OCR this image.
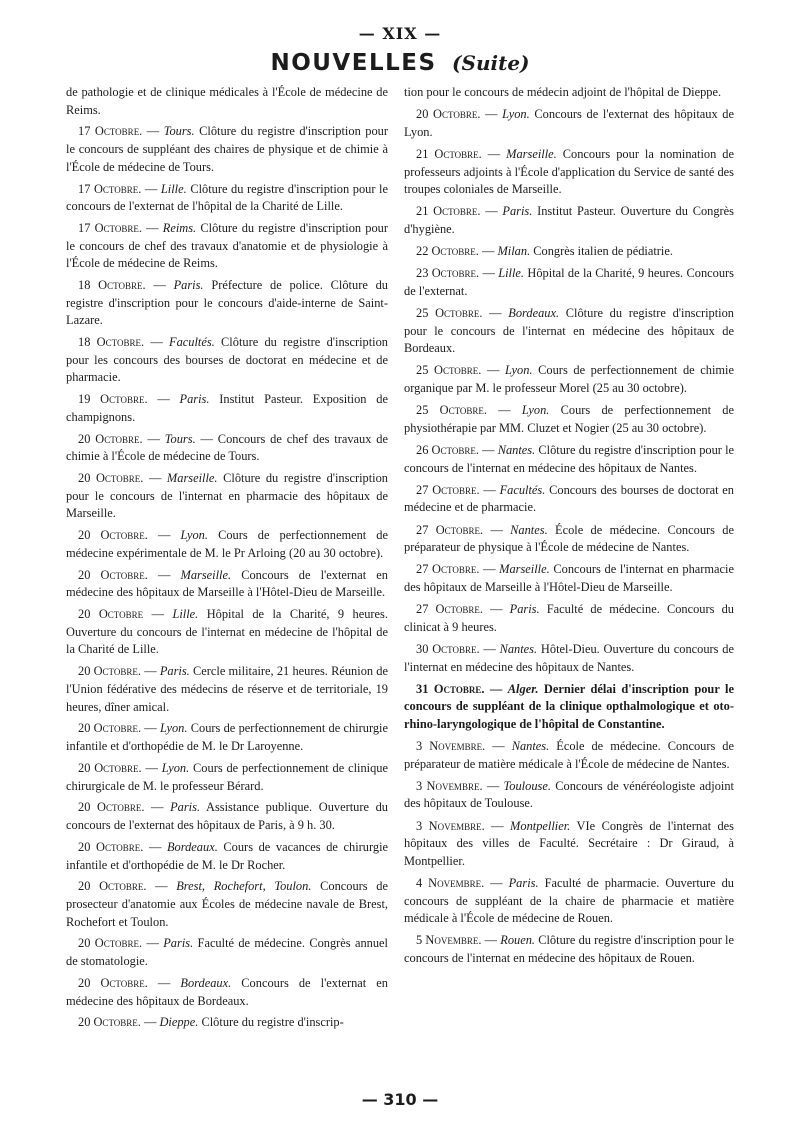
— XIX —
NOUVELLES (Suite)

de pathologie et de clinique médicales à l'École de médecine de Reims.

17 Octobre. — Tours. Clôture du registre d'inscription pour le concours de suppléant des chaires de physique et de chimie à l'École de médecine de Tours.

17 Octobre. — Lille. Clôture du registre d'inscription pour le concours de l'externat de l'hôpital de la Charité de Lille.

17 Octobre. — Reims. Clôture du registre d'inscription pour le concours de chef des travaux d'anatomie et de physiologie à l'École de médecine de Reims.

18 Octobre. — Paris. Préfecture de police. Clôture du registre d'inscription pour le concours d'aide-interne de Saint-Lazare.

18 Octobre. — Facultés. Clôture du registre d'inscription pour les concours des bourses de doctorat en médecine et de pharmacie.

19 Octobre. — Paris. Institut Pasteur. Exposition de champignons.

20 Octobre. — Tours. — Concours de chef des travaux de chimie à l'École de médecine de Tours.

20 Octobre. — Marseille. Clôture du registre d'inscription pour le concours de l'internat en pharmacie des hôpitaux de Marseille.

20 Octobre. — Lyon. Cours de perfectionnement de médecine expérimentale de M. le Pr Arloing (20 au 30 octobre).

20 Octobre. — Marseille. Concours de l'externat en médecine des hôpitaux de Marseille à l'Hôtel-Dieu de Marseille.

20 Octobre — Lille. Hôpital de la Charité, 9 heures. Ouverture du concours de l'internat en médecine de l'hôpital de la Charité de Lille.

20 Octobre. — Paris. Cercle militaire, 21 heures. Réunion de l'Union fédérative des médecins de réserve et de territoriale, 19 heures, dîner amical.

20 Octobre. — Lyon. Cours de perfectionnement de chirurgie infantile et d'orthopédie de M. le Dr Laroyenne.

20 Octobre. — Lyon. Cours de perfectionnement de clinique chirurgicale de M. le professeur Bérard.

20 Octobre. — Paris. Assistance publique. Ouverture du concours de l'externat des hôpitaux de Paris, à 9 h. 30.

20 Octobre. — Bordeaux. Cours de vacances de chirurgie infantile et d'orthopédie de M. le Dr Rocher.

20 Octobre. — Brest, Rochefort, Toulon. Concours de prosecteur d'anatomie aux Écoles de médecine navale de Brest, Rochefort et Toulon.

20 Octobre. — Paris. Faculté de médecine. Congrès annuel de stomatologie.

20 Octobre. — Bordeaux. Concours de l'externat en médecine des hôpitaux de Bordeaux.

20 Octobre. — Dieppe. Clôture du registre d'inscrip-

tion pour le concours de médecin adjoint de l'hôpital de Dieppe.

20 Octobre. — Lyon. Concours de l'externat des hôpitaux de Lyon.

21 Octobre. — Marseille. Concours pour la nomination de professeurs adjoints à l'École d'application du Service de santé des troupes coloniales de Marseille.

21 Octobre. — Paris. Institut Pasteur. Ouverture du Congrès d'hygiène.

22 Octobre. — Milan. Congrès italien de pédiatrie.

23 Octobre. — Lille. Hôpital de la Charité, 9 heures. Concours de l'externat.

25 Octobre. — Bordeaux. Clôture du registre d'inscription pour le concours de l'internat en médecine des hôpitaux de Bordeaux.

25 Octobre. — Lyon. Cours de perfectionnement de chimie organique par M. le professeur Morel (25 au 30 octobre).

25 Octobre. — Lyon. Cours de perfectionnement de physiothérapie par MM. Cluzet et Nogier (25 au 30 octobre).

26 Octobre. — Nantes. Clôture du registre d'inscription pour le concours de l'internat en médecine des hôpitaux de Nantes.

27 Octobre. — Facultés. Concours des bourses de doctorat en médecine et de pharmacie.

27 Octobre. — Nantes. École de médecine. Concours de préparateur de physique à l'École de médecine de Nantes.

27 Octobre. — Marseille. Concours de l'internat en pharmacie des hôpitaux de Marseille à l'Hôtel-Dieu de Marseille.

27 Octobre. — Paris. Faculté de médecine. Concours du clinicat à 9 heures.

30 Octobre. — Nantes. Hôtel-Dieu. Ouverture du concours de l'internat en médecine des hôpitaux de Nantes.

31 Octobre. — Alger. Dernier délai d'inscription pour le concours de suppléant de la clinique opthalmologique et oto-rhino-laryngologique de l'hôpital de Constantine.

3 Novembre. — Nantes. École de médecine. Concours de préparateur de matière médicale à l'École de médecine de Nantes.

3 Novembre. — Toulouse. Concours de vénéréologiste adjoint des hôpitaux de Toulouse.

3 Novembre. — Montpellier. VIe Congrès de l'internat des hôpitaux des villes de Faculté. Secrétaire : Dr Giraud, à Montpellier.

4 Novembre. — Paris. Faculté de pharmacie. Ouverture du concours de suppléant de la chaire de pharmacie et matière médicale à l'École de médecine de Rouen.

5 Novembre. — Rouen. Clôture du registre d'inscription pour le concours de l'internat en médecine des hôpitaux de Rouen.

— 310 —
